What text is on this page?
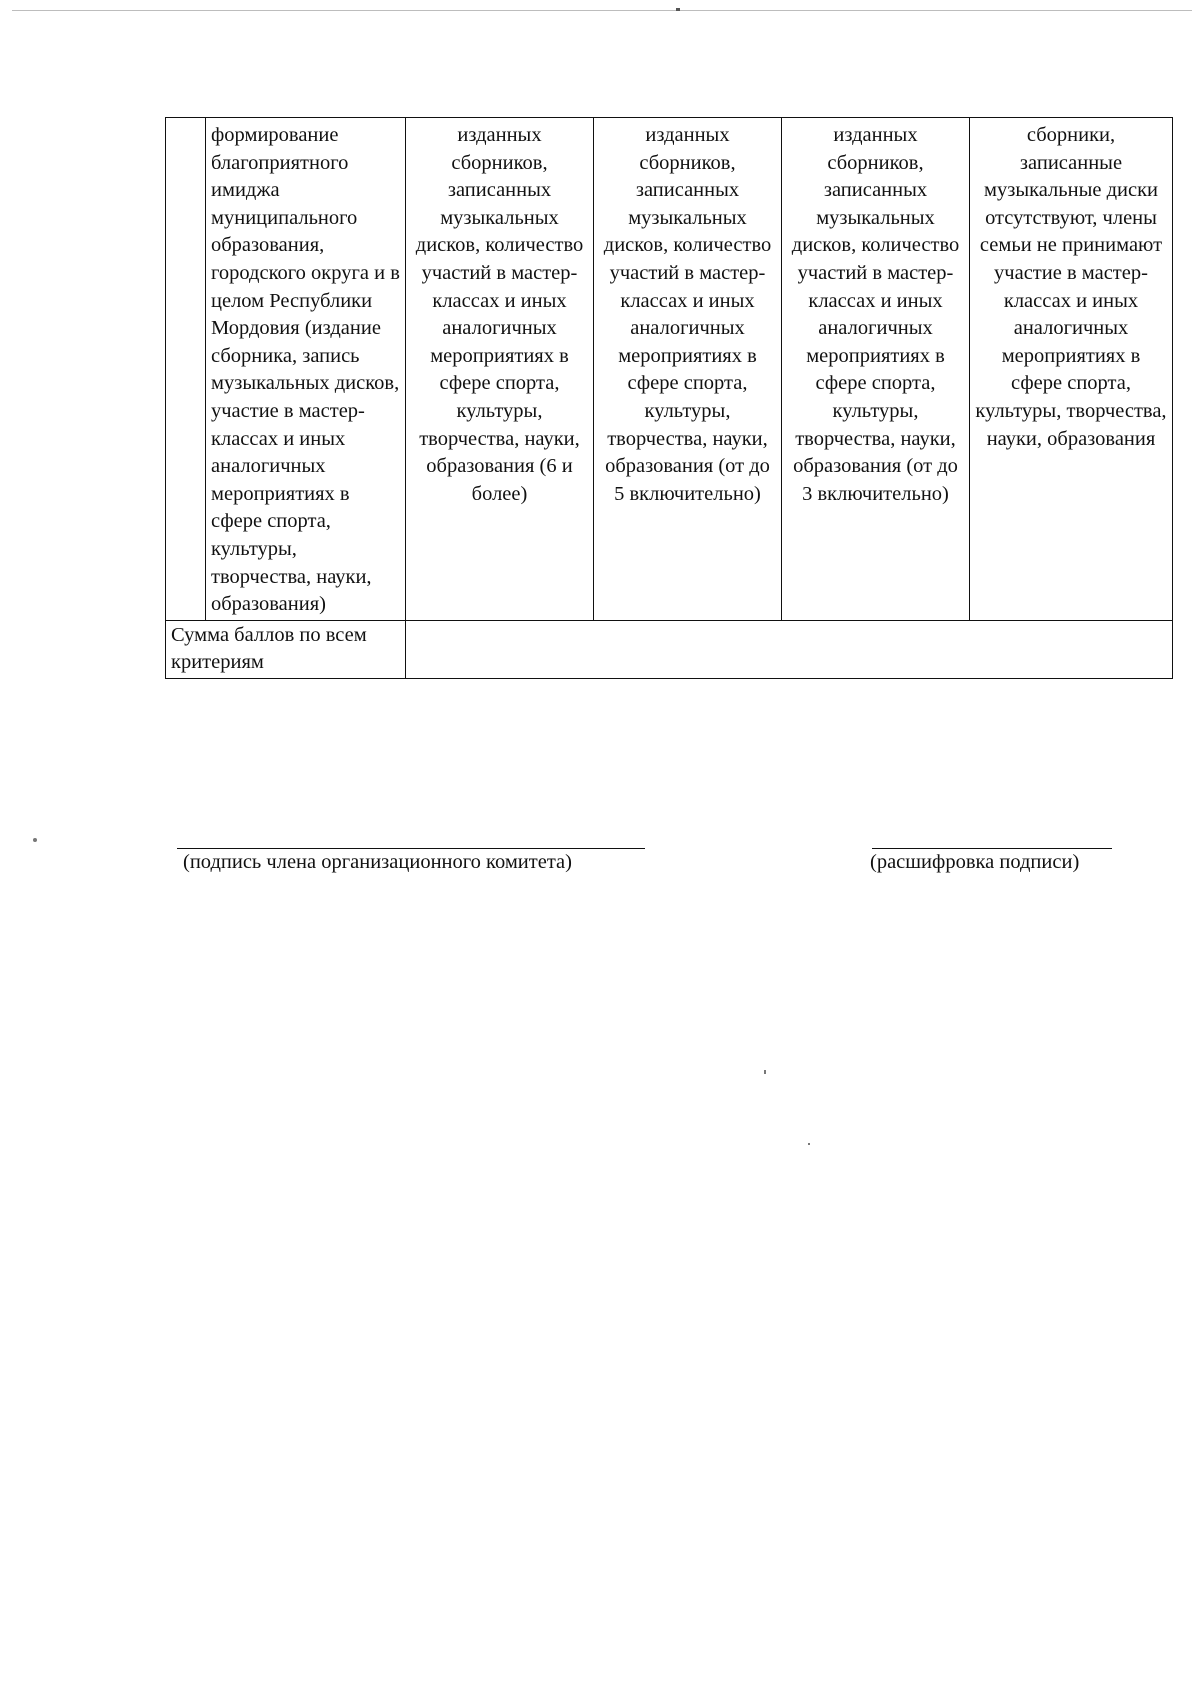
	формирование благоприятного имиджа муниципального образования, городского округа и в целом Республики Мордовия (издание сборника, запись музыкальных дисков, участие в мастер-классах и иных аналогичных мероприятиях в сфере спорта, культуры, творчества, науки, образования)	изданных сборников, записанных музыкальных дисков, количество участий в мастер-классах и иных аналогичных мероприятиях в сфере спорта, культуры, творчества, науки, образования (6 и более)	изданных сборников, записанных музыкальных дисков, количество участий в мастер-классах и иных аналогичных мероприятиях в сфере спорта, культуры, творчества, науки, образования (от до 5 включительно)	изданных сборников, записанных музыкальных дисков, количество участий в мастер-классах и иных аналогичных мероприятиях в сфере спорта, культуры, творчества, науки, образования (от до 3 включительно)	сборники, записанные музыкальные диски отсутствуют, члены семьи не принимают участие в мастер-классах и иных аналогичных мероприятиях в сфере спорта, культуры, творчества, науки, образования
Сумма баллов по всем критериям					
(подпись члена организационного комитета)	(расшифровка подписи)
